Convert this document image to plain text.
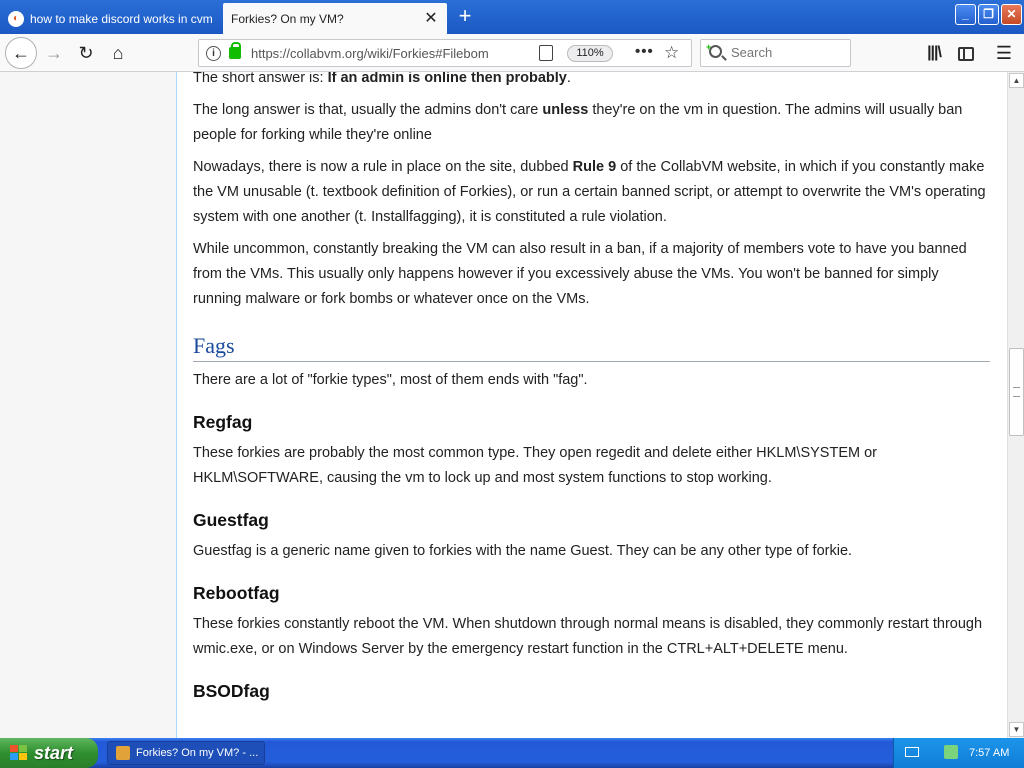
◐ how to make discord works in cvm Forkies? On my VM?	✕ +	_	❐	✕
← → ↻	⌂	i	https://collabvm.org/wiki/Forkies#Filebom	110%	••• ☆	+
Search	|||\	☰

The short answer is: If an admin is online then probably.

The long answer is that, usually the admins don't care unless they're on the vm in question. The admins will usually ban people for forking while they're online

Nowadays, there is now a rule in place on the site, dubbed Rule 9 of the CollabVM website, in which if you constantly make the VM unusable (t. textbook definition of Forkies), or run a certain banned script, or attempt to overwrite the VM's operating system with one another (t. Installfagging), it is constituted a rule violation.

While uncommon, constantly breaking the VM can also result in a ban, if a majority of members vote to have you banned from the VMs. This usually only happens however if you excessively abuse the VMs. You won't be banned for simply running malware or fork bombs or whatever once on the VMs.

Fags

There are a lot of "forkie types", most of them ends with "fag".

Regfag

These forkies are probably the most common type. They open regedit and delete either HKLM\SYSTEM or HKLM\SOFTWARE, causing the vm to lock up and most system functions to stop working.

Guestfag

Guestfag is a generic name given to forkies with the name Guest. They can be any other type of forkie.

Rebootfag

These forkies constantly reboot the VM. When shutdown through normal means is disabled, they commonly restart through wmic.exe, or on Windows Server by the emergency restart function in the CTRL+ALT+DELETE menu.

BSODfag
▲
▼
start	Forkies? On my VM? - ...	7:57 AM
